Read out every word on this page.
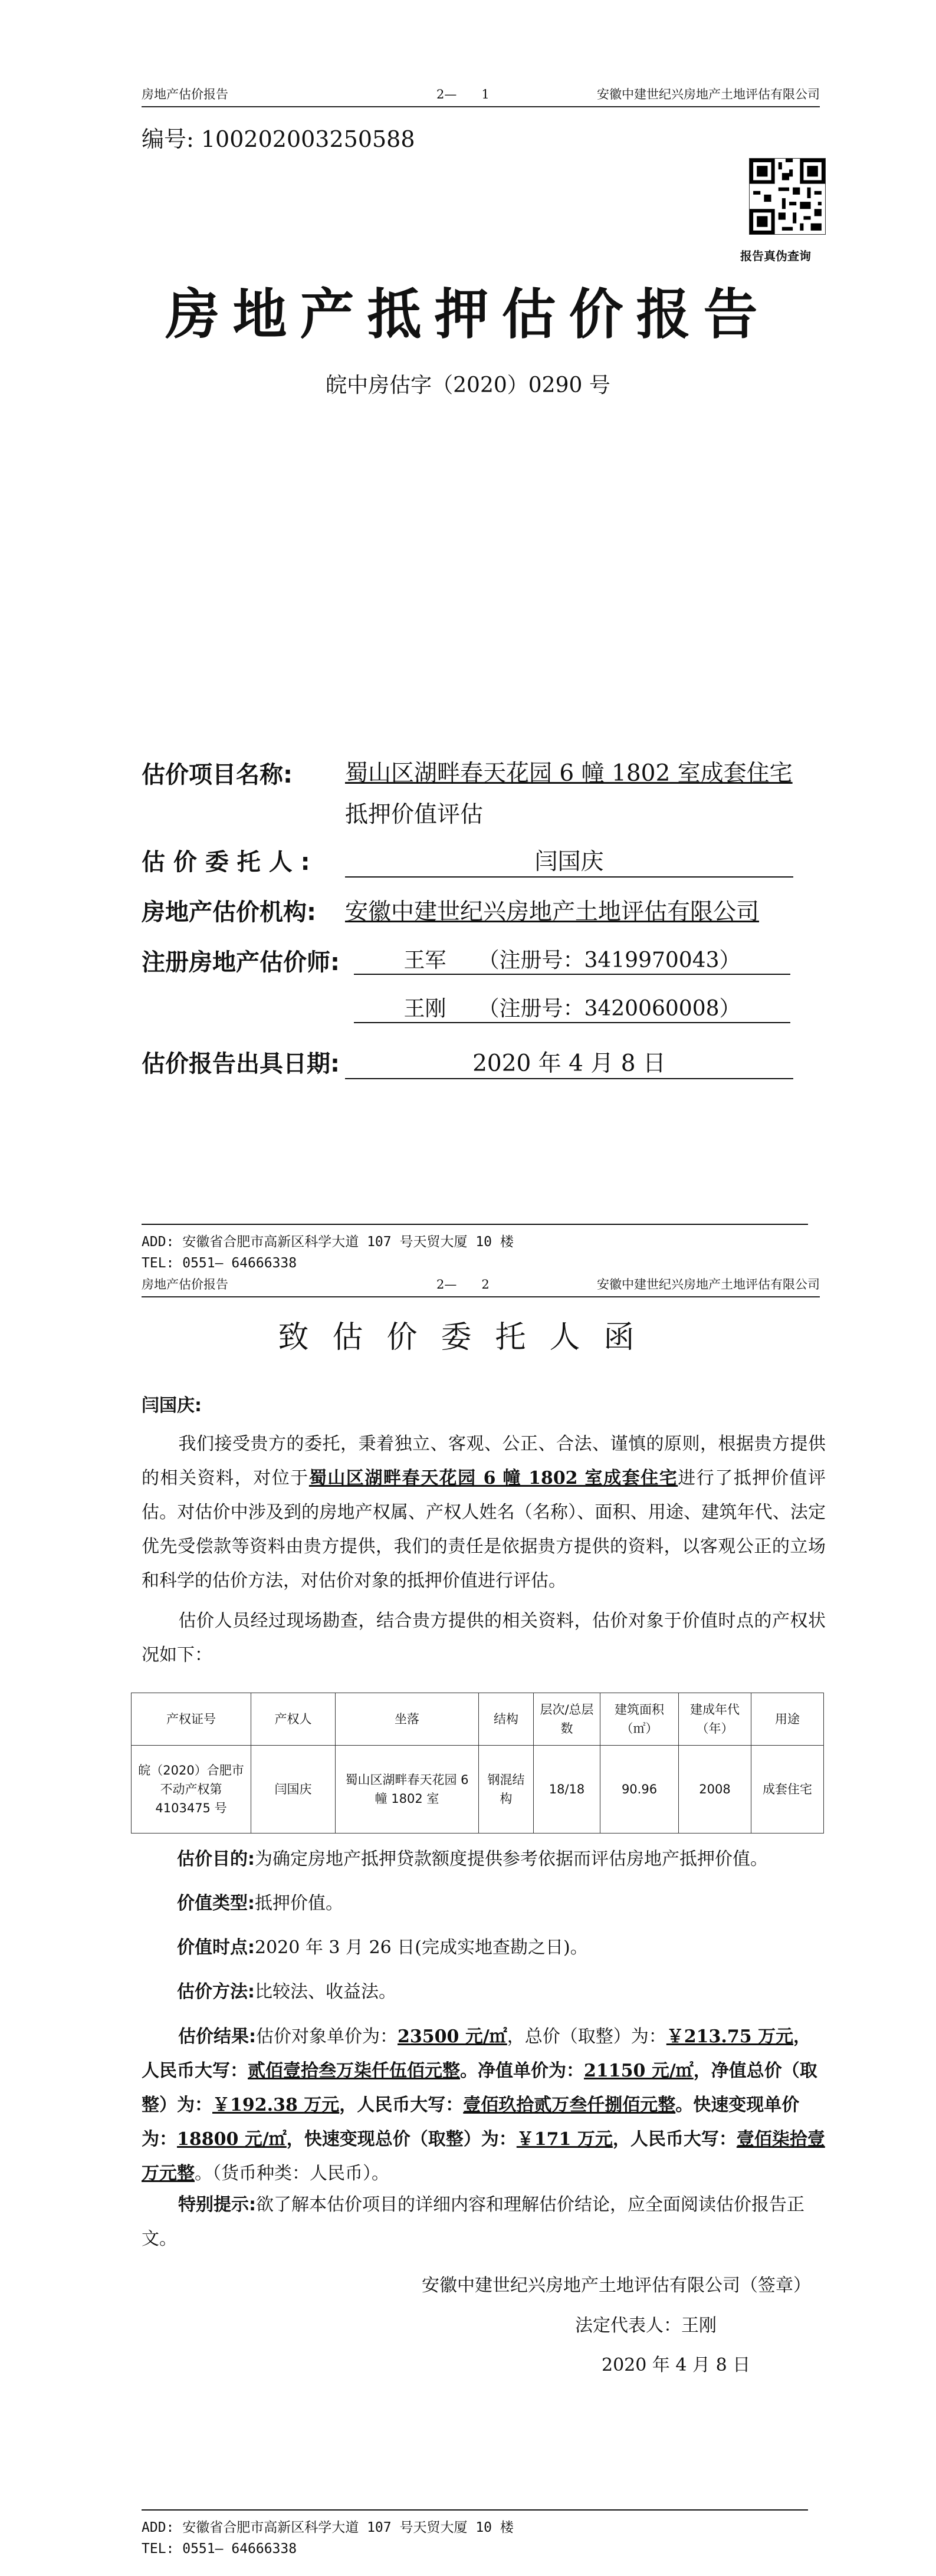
房地产估价报告	2—　　1	安徽中建世纪兴房地产土地评估有限公司
编号: 100202003250588
报告真伪查询
房地产抵押估价报告
皖中房估字（2020）0290 号
估价项目名称: 蜀山区湖畔春天花园 6 幢 1802 室成套住宅
抵押价值评估
估 价 委 托 人 :	闫国庆
房地产估价机构: 安徽中建世纪兴房地产土地评估有限公司
注册房地产估价师:	王军　　（注册号：3419970043）
王刚　　（注册号：3420060008）
估价报告出具日期:	2020 年 4 月 8 日
ADD: 安徽省合肥市高新区科学大道 107 号天贸大厦 10 楼
TEL: 0551— 64666338
房地产估价报告	2—　　2	安徽中建世纪兴房地产土地评估有限公司
致估价委托人函
闫国庆:
我们接受贵方的委托，秉着独立、客观、公正、合法、谨慎的原则，根据贵方提供的相关资料，对位于蜀山区湖畔春天花园 6 幢 1802 室成套住宅进行了抵押价值评估。对估价中涉及到的房地产权属、产权人姓名（名称）、面积、用途、建筑年代、法定优先受偿款等资料由贵方提供，我们的责任是依据贵方提供的资料，以客观公正的立场和科学的估价方法，对估价对象的抵押价值进行评估。
估价人员经过现场勘查，结合贵方提供的相关资料，估价对象于价值时点的产权状况如下：
产权证号	产权人	坐落	结构	层次/总层数	建筑面积（㎡）	建成年代（年）	用途
皖（2020）合肥市不动产权第 4103475 号	闫国庆	蜀山区湖畔春天花园 6 幢 1802 室	钢混结构	18/18	90.96	2008	成套住宅
估价目的:为确定房地产抵押贷款额度提供参考依据而评估房地产抵押价值。
价值类型:抵押价值。
价值时点:2020 年 3 月 26 日(完成实地查勘之日)。
估价方法:比较法、收益法。
估价结果:估价对象单价为：23500 元/㎡，总价（取整）为：￥213.75 万元，人民币大写：贰佰壹拾叁万柒仟伍佰元整。净值单价为：21150 元/㎡，净值总价（取整）为：￥192.38 万元，人民币大写：壹佰玖拾贰万叁仟捌佰元整。快速变现单价为：18800 元/㎡，快速变现总价（取整）为：￥171 万元，人民币大写：壹佰柒拾壹万元整。（货币种类：人民币）。
特别提示:欲了解本估价项目的详细内容和理解估价结论，应全面阅读估价报告正文。
安徽中建世纪兴房地产土地评估有限公司（签章）
法定代表人：王刚
2020 年 4 月 8 日
ADD: 安徽省合肥市高新区科学大道 107 号天贸大厦 10 楼
TEL: 0551— 64666338
